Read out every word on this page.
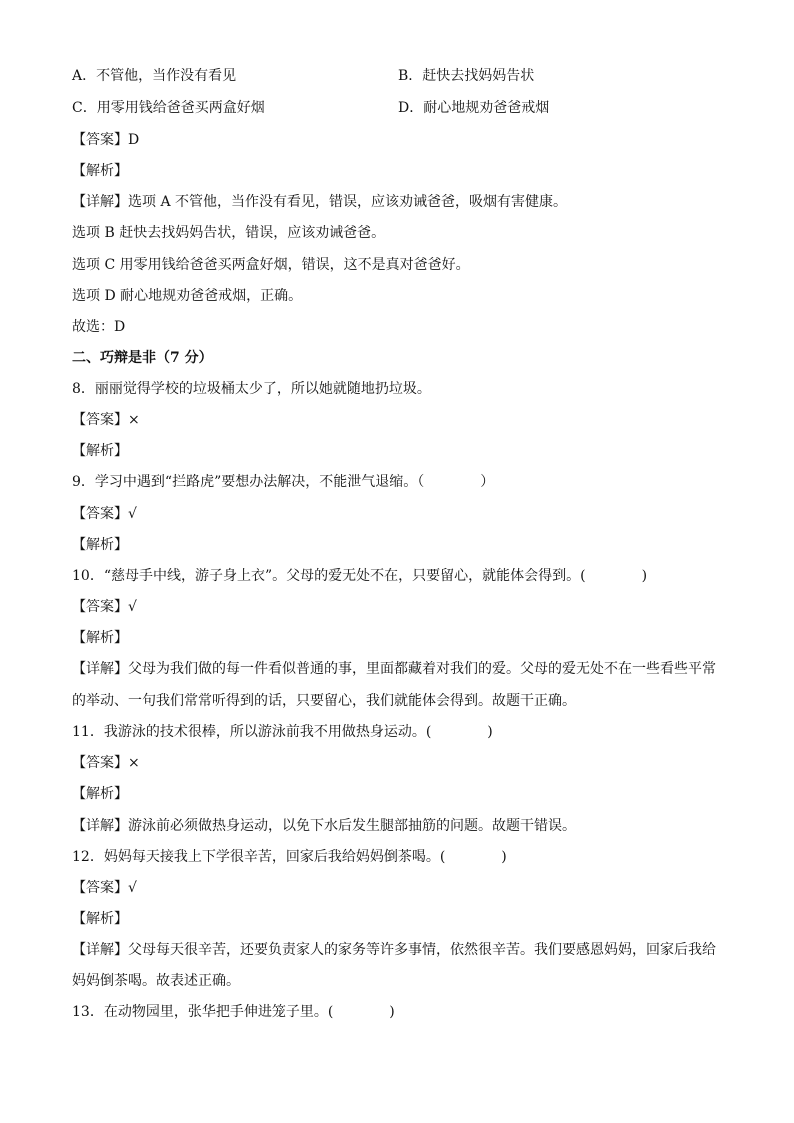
A．不管他，当作没有看见	B．赶快去找妈妈告状
C．用零用钱给爸爸买两盒好烟	D．耐心地规劝爸爸戒烟
【答案】D
【解析】
【详解】选项 A 不管他，当作没有看见，错误，应该劝诫爸爸，吸烟有害健康。
选项 B 赶快去找妈妈告状，错误，应该劝诫爸爸。
选项 C 用零用钱给爸爸买两盒好烟，错误，这不是真对爸爸好。
选项 D 耐心地规劝爸爸戒烟，正确。
故选：D
二、巧辩是非（7 分）
8．丽丽觉得学校的垃圾桶太少了，所以她就随地扔垃圾。
【答案】×
【解析】
9．学习中遇到“拦路虎”要想办法解决，不能泄气退缩。（　　　　）
【答案】√
【解析】
10．“慈母手中线，游子身上衣”。父母的爱无处不在，只要留心，就能体会得到。(　　　　)
【答案】√
【解析】
【详解】父母为我们做的每一件看似普通的事，里面都藏着对我们的爱。父母的爱无处不在一些看些平常
的举动、一句我们常常听得到的话，只要留心，我们就能体会得到。故题干正确。
11．我游泳的技术很棒，所以游泳前我不用做热身运动。(　　　　)
【答案】×
【解析】
【详解】游泳前必须做热身运动，以免下水后发生腿部抽筋的问题。故题干错误。
12．妈妈每天接我上下学很辛苦，回家后我给妈妈倒茶喝。(　　　　)
【答案】√
【解析】
【详解】父母每天很辛苦，还要负责家人的家务等许多事情，依然很辛苦。我们要感恩妈妈，回家后我给
妈妈倒茶喝。故表述正确。
13．在动物园里，张华把手伸进笼子里。(　　　　)
